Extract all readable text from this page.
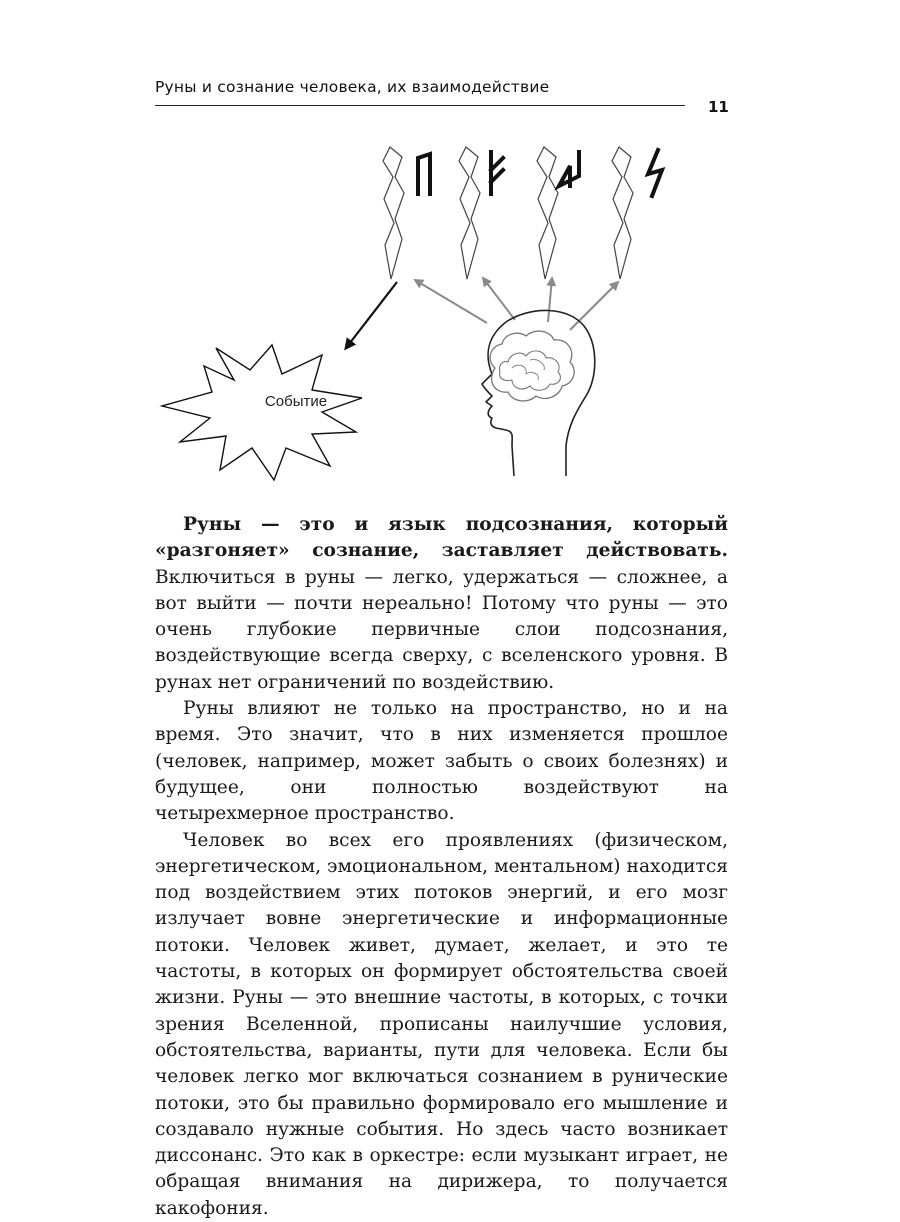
Руны и сознание человека, их взаимодействие
11
Событие

Руны — это и язык подсознания, который «разгоняет» сознание, заставляет действовать. Включиться в руны — легко, удержаться — сложнее, а вот выйти — почти нереально! Потому что руны — это очень глубокие первичные слои подсознания, воздействующие всегда сверху, с вселенского уровня. В рунах нет ограничений по воздействию.

Руны влияют не только на пространство, но и на время. Это значит, что в них изменяется прошлое (человек, например, может забыть о своих болезнях) и будущее, они полностью воздействуют на четырехмерное пространство.

Человек во всех его проявлениях (физическом, энергетическом, эмоциональном, ментальном) находится под воздействием этих потоков энергий, и его мозг излучает вовне энергетические и информационные потоки. Человек живет, думает, желает, и это те частоты, в которых он формирует обстоятельства своей жизни. Руны — это внешние частоты, в которых, с точки зрения Вселенной, прописаны наилучшие условия, обстоятельства, варианты, пути для человека. Если бы человек легко мог включаться сознанием в рунические потоки, это бы правильно формировало его мышление и создавало нужные события. Но здесь часто возникает диссонанс. Это как в оркестре: если музыкант играет, не обращая внимания на дирижера, то получается какофония.
